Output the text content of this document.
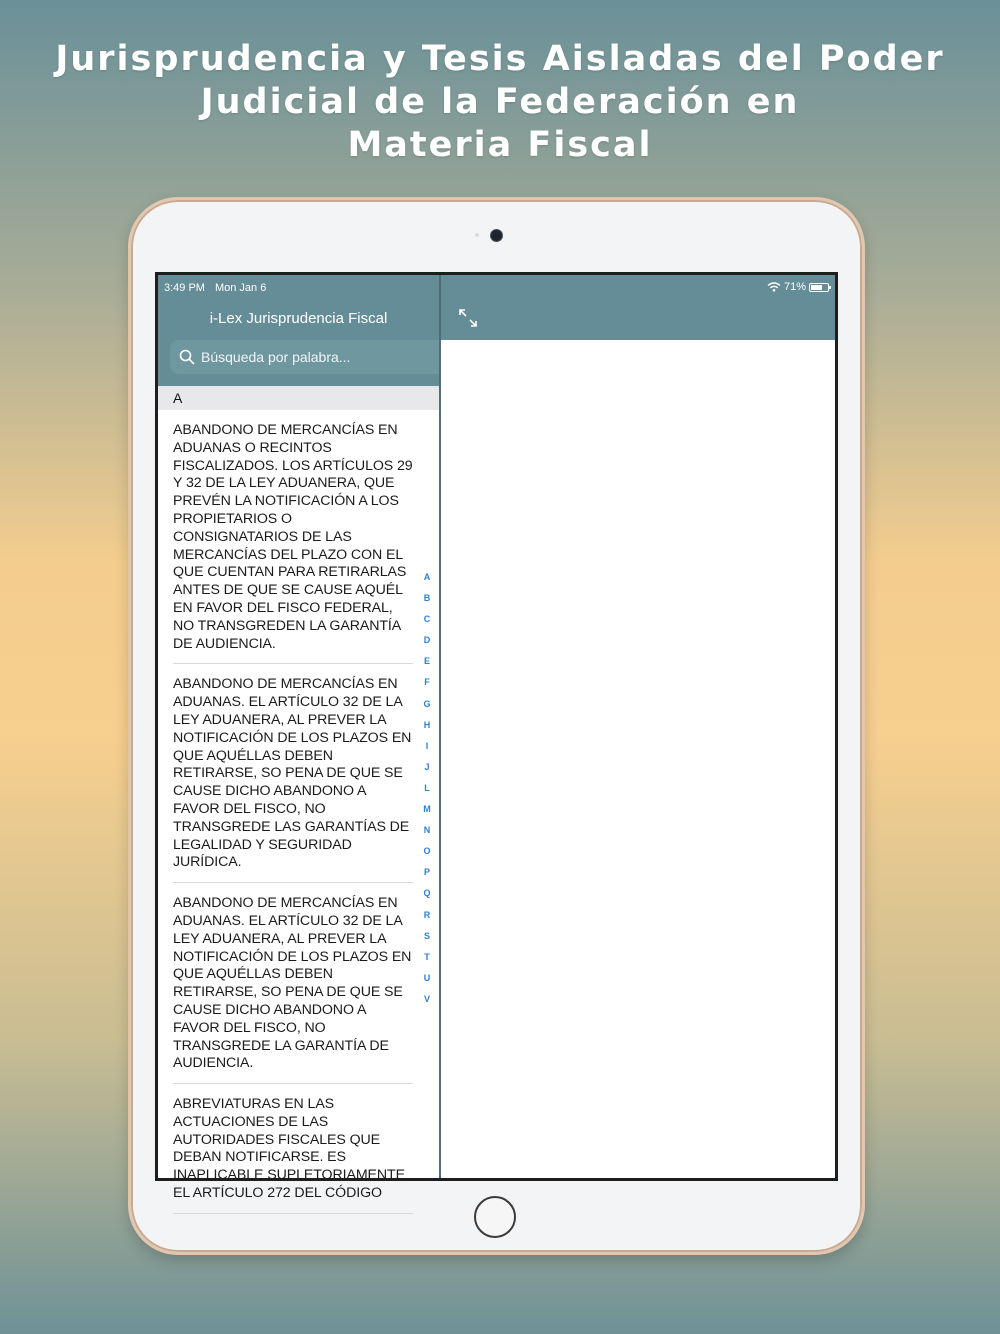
Jurisprudencia y Tesis Aisladas del Poder
Judicial de la Federación en
Materia Fiscal
3:49 PM Mon Jan 6
i-Lex Jurisprudencia Fiscal
Búsqueda por palabra...
A
ABANDONO DE MERCANCÍAS EN ADUANAS O RECINTOS FISCALIZADOS. LOS ARTÍCULOS 29 Y 32 DE LA LEY ADUANERA, QUE PREVÉN LA NOTIFICACIÓN A LOS PROPIETARIOS O CONSIGNATARIOS DE LAS MERCANCÍAS DEL PLAZO CON EL QUE CUENTAN PARA RETIRARLAS ANTES DE QUE SE CAUSE AQUÉL EN FAVOR DEL FISCO FEDERAL, NO TRANSGREDEN LA GARANTÍA DE AUDIENCIA.
ABANDONO DE MERCANCÍAS EN ADUANAS. EL ARTÍCULO 32 DE LA LEY ADUANERA, AL PREVER LA NOTIFICACIÓN DE LOS PLAZOS EN QUE AQUÉLLAS DEBEN RETIRARSE, SO PENA DE QUE SE CAUSE DICHO ABANDONO A FAVOR DEL FISCO, NO TRANSGREDE LAS GARANTÍAS DE LEGALIDAD Y SEGURIDAD JURÍDICA.
ABANDONO DE MERCANCÍAS EN ADUANAS. EL ARTÍCULO 32 DE LA LEY ADUANERA, AL PREVER LA NOTIFICACIÓN DE LOS PLAZOS EN QUE AQUÉLLAS DEBEN RETIRARSE, SO PENA DE QUE SE CAUSE DICHO ABANDONO A FAVOR DEL FISCO, NO TRANSGREDE LA GARANTÍA DE AUDIENCIA.
ABREVIATURAS EN LAS ACTUACIONES DE LAS AUTORIDADES FISCALES QUE DEBAN NOTIFICARSE. ES INAPLICABLE SUPLETORIAMENTE EL ARTÍCULO 272 DEL CÓDIGO
A
B
C
D
E
F
G
H
I
J
L
M
N
O
P
Q
R
S
T
U
V
71%
